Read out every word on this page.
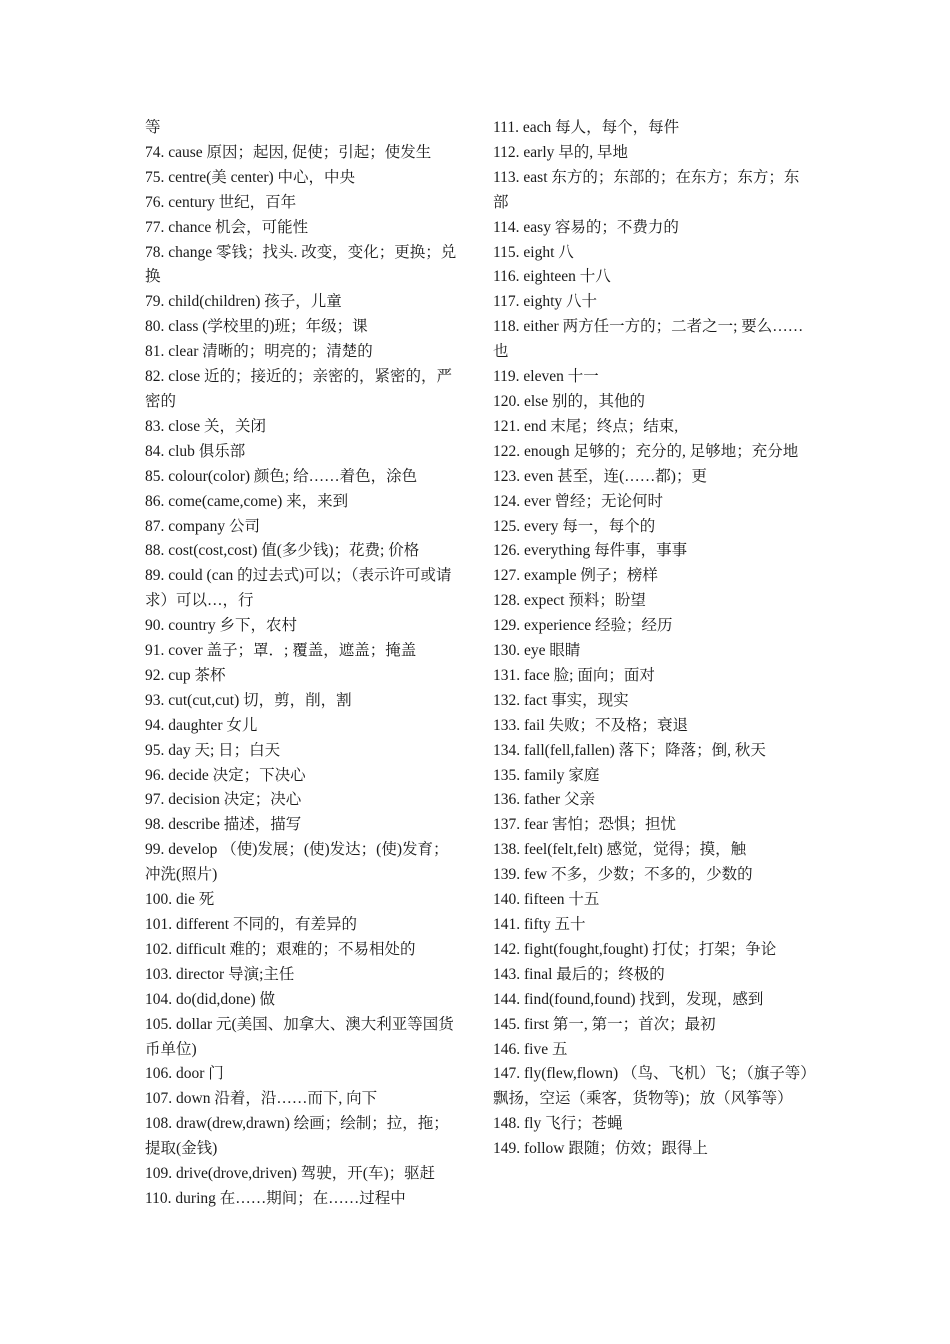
等
74. cause 原因；起因, 促使；引起；使发生
75. centre(美 center) 中心，中央
76. century 世纪，百年
77. chance 机会，可能性
78. change 零钱；找头. 改变，变化；更换；兑换
79. child(children) 孩子，儿童
80. class (学校里的)班；年级；课
81. clear 清晰的；明亮的；清楚的
82. close 近的；接近的；亲密的，紧密的，严密的
83. close 关，关闭
84. club 俱乐部
85. colour(color) 颜色; 给……着色，涂色
86. come(came,come) 来，来到
87. company 公司
88. cost(cost,cost) 值(多少钱)；花费; 价格
89. could (can 的过去式)可以；（表示许可或请求）可以…，行
90. country 乡下，农村
91. cover 盖子；罩．; 覆盖，遮盖；掩盖
92. cup 茶杯
93. cut(cut,cut) 切，剪，削，割
94. daughter 女儿
95. day 天; 日；白天
96. decide 决定；下决心
97. decision 决定；决心
98. describe 描述，描写
99. develop （使)发展；(使)发达；(使)发育；冲洗(照片)
100. die 死
101. different 不同的，有差异的
102. difficult 难的；艰难的；不易相处的
103. director 导演;主任
104. do(did,done) 做
105. dollar 元(美国、加拿大、澳大利亚等国货币单位)
106. door 门
107. down 沿着，沿……而下, 向下
108. draw(drew,drawn) 绘画；绘制；拉，拖；提取(金钱)
109. drive(drove,driven) 驾驶，开(车)；驱赶
110. during 在……期间；在……过程中
111. each 每人，每个，每件
112. early 早的, 早地
113. east 东方的；东部的；在东方；东方；东部
114. easy 容易的；不费力的
115. eight 八
116. eighteen 十八
117. eighty 八十
118. either 两方任一方的；二者之一; 要么……也
119. eleven 十一
120. else 别的，其他的
121. end 末尾；终点；结束,
122. enough 足够的；充分的, 足够地；充分地
123. even 甚至，连(……都)；更
124. ever 曾经；无论何时
125. every 每一，每个的
126. everything 每件事，事事
127. example 例子；榜样
128. expect 预料；盼望
129. experience 经验；经历
130. eye 眼睛
131. face 脸; 面向；面对
132. fact 事实，现实
133. fail 失败；不及格；衰退
134. fall(fell,fallen) 落下；降落；倒, 秋天
135. family 家庭
136. father 父亲
137. fear 害怕；恐惧；担忧
138. feel(felt,felt) 感觉，觉得；摸，触
139. few 不多，少数；不多的，少数的
140. fifteen 十五
141. fifty 五十
142. fight(fought,fought) 打仗；打架；争论
143. final 最后的；终极的
144. find(found,found) 找到，发现，感到
145. first 第一, 第一；首次；最初
146. five 五
147. fly(flew,flown) （鸟、飞机）飞；（旗子等）飘扬，空运（乘客，货物等)；放（风筝等）
148. fly 飞行；苍蝇
149. follow 跟随；仿效；跟得上
